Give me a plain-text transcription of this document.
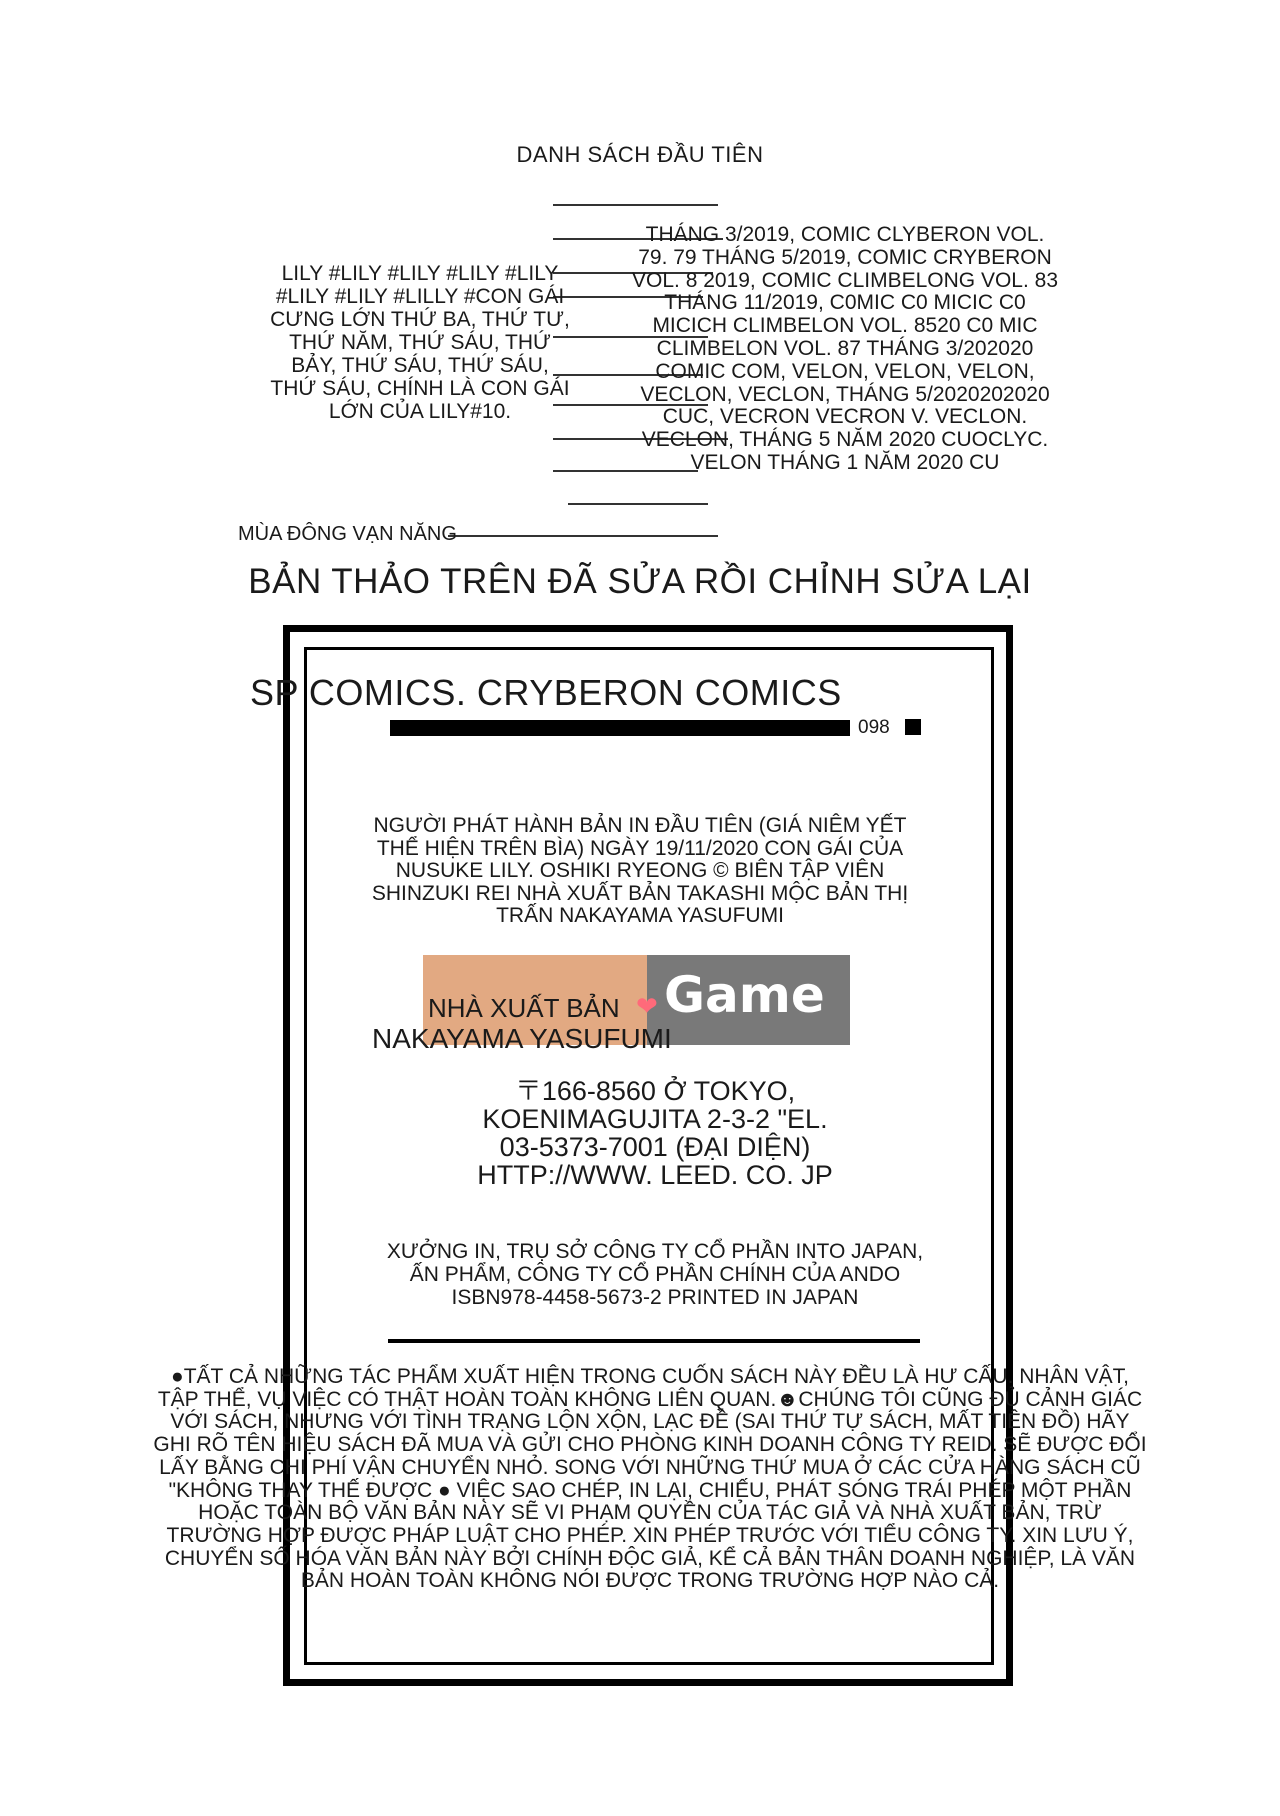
DANH SÁCH ĐẦU TIÊN
LILY #LILY #LILY #LILY #LILY #LILY #LILY #LILLY #CON GÁI CƯNG LỚN THỨ BA, THỨ TƯ, THỨ NĂM, THỨ SÁU, THỨ BẢY, THỨ SÁU, THỨ SÁU, THỨ SÁU, CHÍNH LÀ CON GÁI LỚN CỦA LILY#10.
THÁNG 3/2019, COMIC CLYBERON VOL. 79. 79 THÁNG 5/2019, COMIC CRYBERON VOL. 8 2019, COMIC CLIMBELONG VOL. 83 THÁNG 11/2019, C0MIC C0 MICIC C0 MICICH CLIMBELON VOL. 8520 C0 MIC CLIMBELON VOL. 87 THÁNG 3/202020 COMIC COM, VELON, VELON, VELON, VECLON, VECLON, THÁNG 5/2020202020 CUC, VECRON VECRON V. VECLON. VECLON, THÁNG 5 NĂM 2020 CUOCLYC. VELON THÁNG 1 NĂM 2020 CU
MÙA ĐÔNG VẠN NĂNG
BẢN THẢO TRÊN ĐÃ SỬA RỒI CHỈNH SỬA LẠI
SP COMICS. CRYBERON COMICS
098
NGƯỜI PHÁT HÀNH BẢN IN ĐẦU TIÊN (GIÁ NIÊM YẾT THỂ HIỆN TRÊN BÌA) NGÀY 19/11/2020 CON GÁI CỦA NUSUKE LILY. OSHIKI RYEONG © BIÊN TẬP VIÊN SHINZUKI REI NHÀ XUẤT BẢN TAKASHI MỘC BẢN THỊ TRẤN NAKAYAMA YASUFUMI
❤ Game
NHÀ XUẤT BẢN
NAKAYAMA YASUFUMI
〒166-8560 Ở TOKYO,
KOENIMAGUJITA 2-3-2 "EL.
03-5373-7001 (ĐẠI DIỆN)
HTTP://WWW. LEED. CO. JP
XƯỞNG IN, TRỤ SỞ CÔNG TY CỔ PHẦN INTO JAPAN,
ẤN PHẨM, CÔNG TY CỔ PHẦN CHÍNH CỦA ANDO
ISBN978-4458-5673-2 PRINTED IN JAPAN
●TẤT CẢ NHỮNG TÁC PHẨM XUẤT HIỆN TRONG CUỐN SÁCH NÀY ĐỀU LÀ HƯ CẤU. NHÂN VẬT, TẬP THỂ, VỤ VIỆC CÓ THẬT HOÀN TOÀN KHÔNG LIÊN QUAN.☻CHÚNG TÔI CŨNG ĐỦ CẢNH GIÁC VỚI SÁCH, NHƯNG VỚI TÌNH TRẠNG LỘN XỘN, LẠC ĐỀ (SAI THỨ TỰ SÁCH, MẤT TIÊN ĐỒ) HÃY GHI RÕ TÊN HIỆU SÁCH ĐÃ MUA VÀ GỬI CHO PHÒNG KINH DOANH CÔNG TY REID. SẼ ĐƯỢC ĐỔI LẤY BẰNG CHI PHÍ VẬN CHUYỂN NHỎ. SONG VỚI NHỮNG THỨ MUA Ở CÁC CỬA HÀNG SÁCH CŨ "KHÔNG THAY THẾ ĐƯỢC ● VIỆC SAO CHÉP, IN LẠI, CHIẾU, PHÁT SÓNG TRÁI PHÉP MỘT PHẦN HOẶC TOÀN BỘ VĂN BẢN NÀY SẼ VI PHẠM QUYỀN CỦA TÁC GIẢ VÀ NHÀ XUẤT BẢN, TRỪ TRƯỜNG HỢP ĐƯỢC PHÁP LUẬT CHO PHÉP. XIN PHÉP TRƯỚC VỚI TIỂU CÔNG TY. XIN LƯU Ý, CHUYỂN SỐ HÓA VĂN BẢN NÀY BỞI CHÍNH ĐỘC GIẢ, KỂ CẢ BẢN THÂN DOANH NGHIỆP, LÀ VĂN BẢN HOÀN TOÀN KHÔNG NÓI ĐƯỢC TRONG TRƯỜNG HỢP NÀO CẢ.
